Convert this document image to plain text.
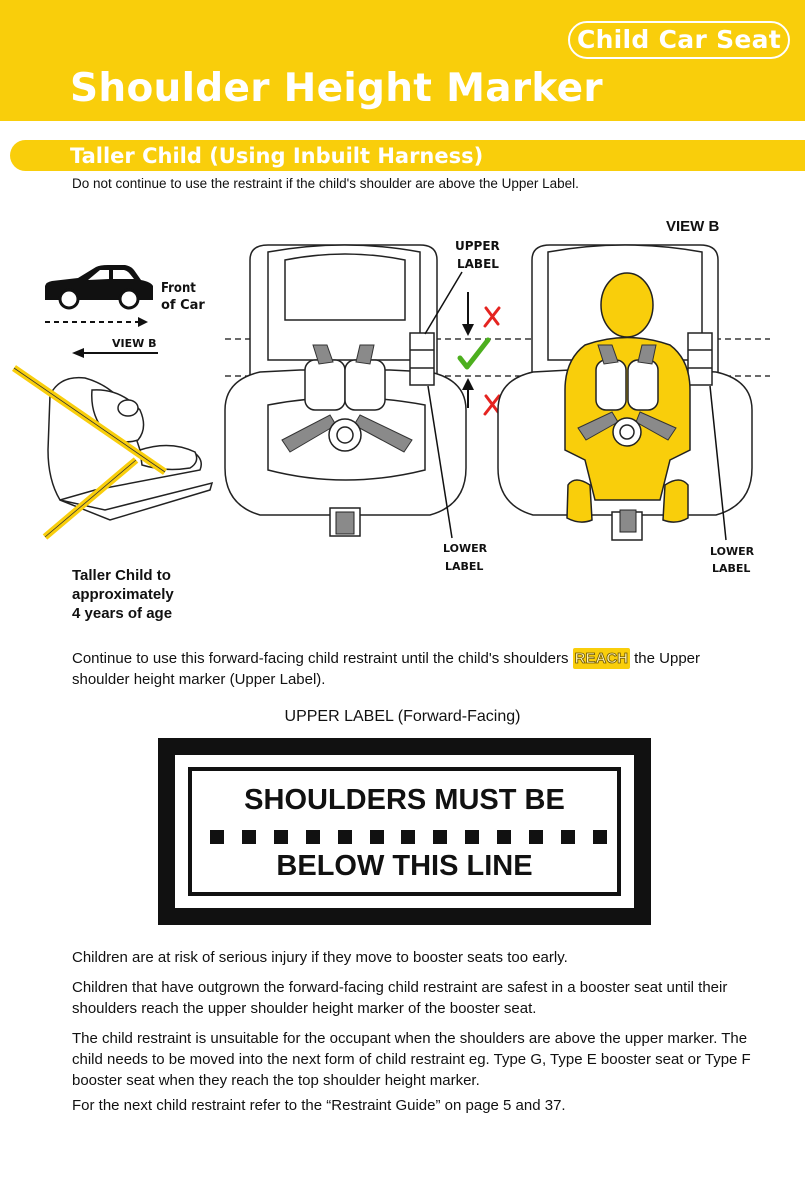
Child Car Seat
Shoulder Height Marker
Taller Child (Using Inbuilt Harness)
Do not continue to use the restraint if the child's shoulder are above the Upper Label.
Front
of Car
VIEW B
UPPER
LABEL
LOWER
LABEL
VIEW B
LOWER
LABEL
Taller Child to
approximately
4 years of age
Continue to use this forward-facing child restraint until the child's shoulders REACH the Upper shoulder height marker (Upper Label).
UPPER LABEL (Forward-Facing)
SHOULDERS MUST BE
BELOW THIS LINE
Children are at risk of serious injury if they move to booster seats too early.
Children that have outgrown the forward-facing child restraint are safest in a booster seat until their shoulders reach the upper shoulder height marker of the booster seat.
The child restraint is unsuitable for the occupant when the shoulders are above the upper marker. The child needs to be moved into the next form of child restraint eg. Type G, Type E booster seat or Type F booster seat when they reach the top shoulder height marker.
For the next child restraint refer to the “Restraint Guide” on page 5 and 37.
